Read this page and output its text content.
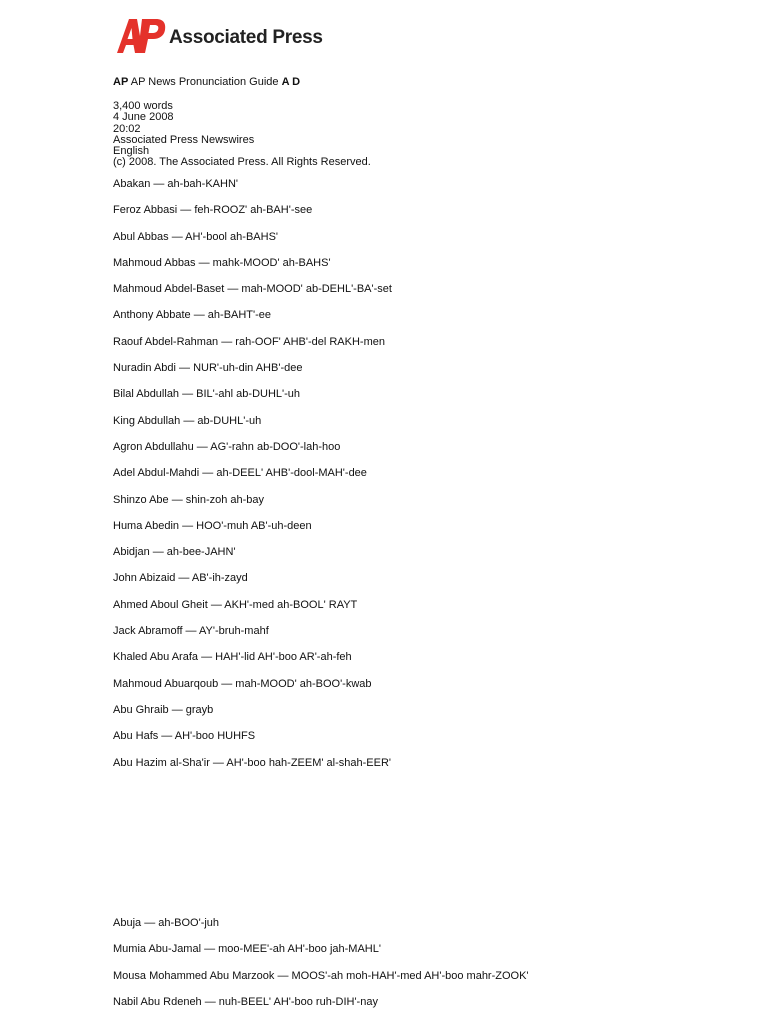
Associated Press
AP AP News Pronunciation Guide A D
3,400 words
4 June 2008
20:02
Associated Press Newswires
English
(c) 2008. The Associated Press. All Rights Reserved.
Abakan — ah-bah-KAHN'
Feroz Abbasi — feh-ROOZ' ah-BAH'-see
Abul Abbas — AH'-bool ah-BAHS'
Mahmoud Abbas — mahk-MOOD' ah-BAHS'
Mahmoud Abdel-Baset — mah-MOOD' ab-DEHL'-BA'-set
Anthony Abbate — ah-BAHT'-ee
Raouf Abdel-Rahman — rah-OOF' AHB'-del RAKH-men
Nuradin Abdi — NUR'-uh-din AHB'-dee
Bilal Abdullah — BIL'-ahl ab-DUHL'-uh
King Abdullah — ab-DUHL'-uh
Agron Abdullahu — AG'-rahn ab-DOO'-lah-hoo
Adel Abdul-Mahdi — ah-DEEL' AHB'-dool-MAH'-dee
Shinzo Abe — shin-zoh ah-bay
Huma Abedin — HOO'-muh AB'-uh-deen
Abidjan — ah-bee-JAHN'
John Abizaid — AB'-ih-zayd
Ahmed Aboul Gheit — AKH'-med ah-BOOL' RAYT
Jack Abramoff — AY'-bruh-mahf
Khaled Abu Arafa — HAH'-lid AH'-boo AR'-ah-feh
Mahmoud Abuarqoub — mah-MOOD' ah-BOO'-kwab
Abu Ghraib — grayb
Abu Hafs — AH'-boo HUHFS
Abu Hazim al-Sha'ir — AH'-boo hah-ZEEM' al-shah-EER'
Abuja — ah-BOO'-juh
Mumia Abu-Jamal — moo-MEE'-ah AH'-boo jah-MAHL'
Mousa Mohammed Abu Marzook — MOOS'-ah moh-HAH'-med AH'-boo mahr-ZOOK'
Nabil Abu Rdeneh — nuh-BEEL' AH'-boo ruh-DIH'-nay
